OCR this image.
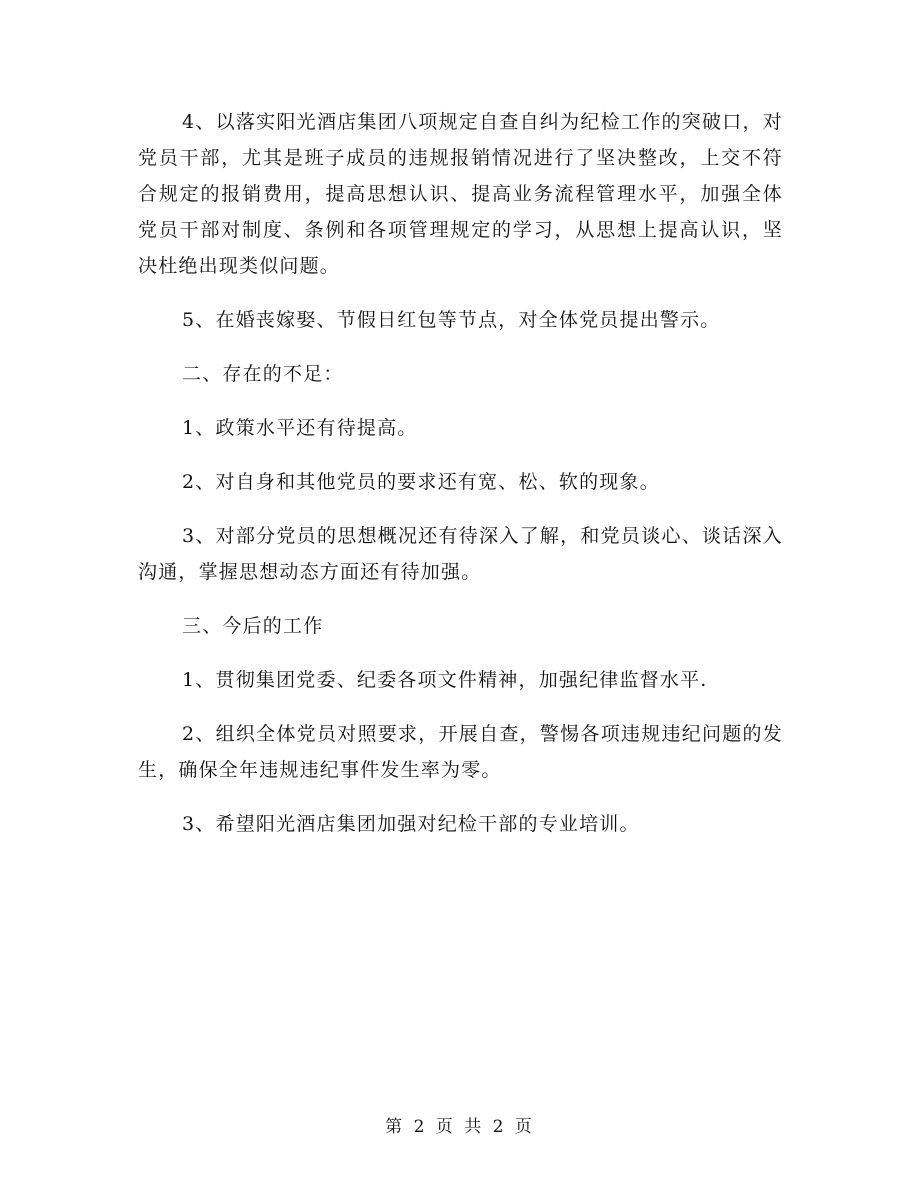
4、以落实阳光酒店集团八项规定自查自纠为纪检工作的突破口，对党员干部，尤其是班子成员的违规报销情况进行了坚决整改，上交不符合规定的报销费用，提高思想认识、提高业务流程管理水平，加强全体党员干部对制度、条例和各项管理规定的学习，从思想上提高认识，坚决杜绝出现类似问题。

5、在婚丧嫁娶、节假日红包等节点，对全体党员提出警示。

二、存在的不足：

1、政策水平还有待提高。

2、对自身和其他党员的要求还有宽、松、软的现象。

3、对部分党员的思想概况还有待深入了解，和党员谈心、谈话深入沟通，掌握思想动态方面还有待加强。

三、今后的工作

1、贯彻集团党委、纪委各项文件精神，加强纪律监督水平.

2、组织全体党员对照要求，开展自查，警惕各项违规违纪问题的发生，确保全年违规违纪事件发生率为零。

3、希望阳光酒店集团加强对纪检干部的专业培训。

第 2 页 共 2 页
